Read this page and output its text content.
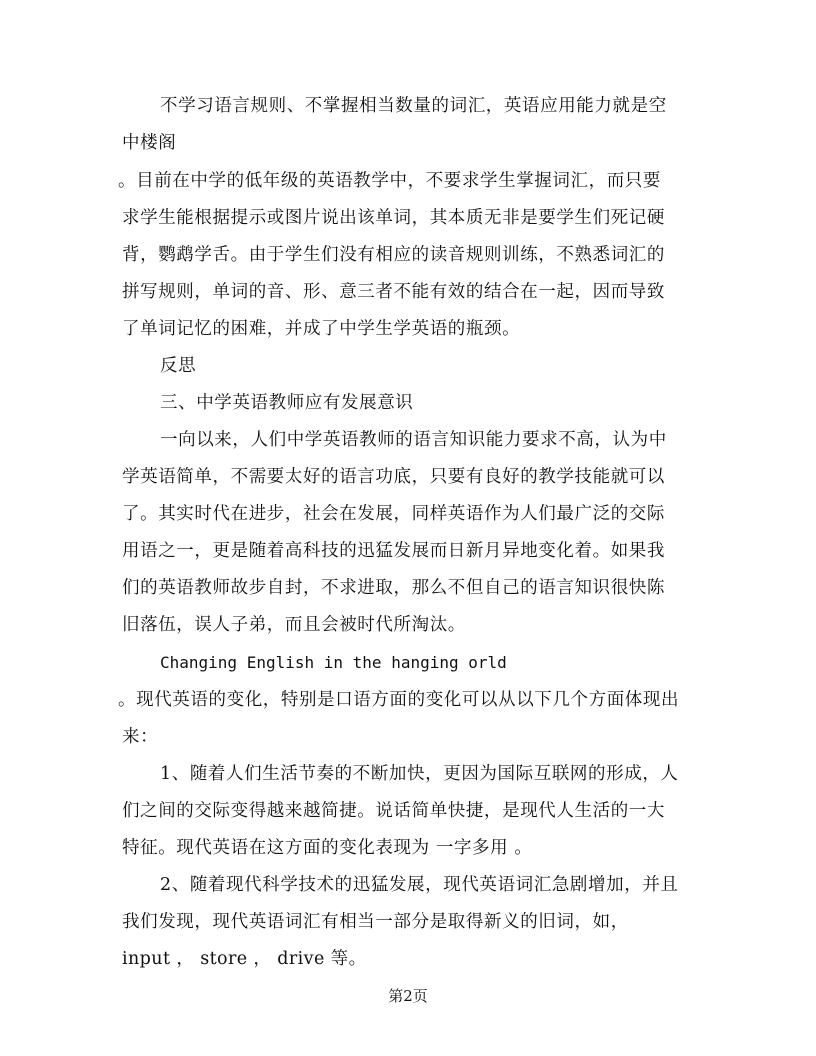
不学习语言规则、不掌握相当数量的词汇，英语应用能力就是空
中楼阁
。目前在中学的低年级的英语教学中，不要求学生掌握词汇，而只要
求学生能根据提示或图片说出该单词，其本质无非是要学生们死记硬
背，鹦鹉学舌。由于学生们没有相应的读音规则训练，不熟悉词汇的
拼写规则，单词的音、形、意三者不能有效的结合在一起，因而导致
了单词记忆的困难，并成了中学生学英语的瓶颈。
反思
三、中学英语教师应有发展意识
一向以来，人们中学英语教师的语言知识能力要求不高，认为中
学英语简单，不需要太好的语言功底，只要有良好的教学技能就可以
了。其实时代在进步，社会在发展，同样英语作为人们最广泛的交际
用语之一，更是随着高科技的迅猛发展而日新月异地变化着。如果我
们的英语教师故步自封，不求进取，那么不但自己的语言知识很快陈
旧落伍，误人子弟，而且会被时代所淘汰。
Changing English in the hanging orld
。现代英语的变化，特别是口语方面的变化可以从以下几个方面体现出
来：
1、随着人们生活节奏的不断加快，更因为国际互联网的形成，人
们之间的交际变得越来越简捷。说话简单快捷，是现代人生活的一大
特征。现代英语在这方面的变化表现为 一字多用 。
2、随着现代科学技术的迅猛发展，现代英语词汇急剧增加，并且
我们发现，现代英语词汇有相当一部分是取得新义的旧词，如，
input ， store ， drive 等。
第2页
